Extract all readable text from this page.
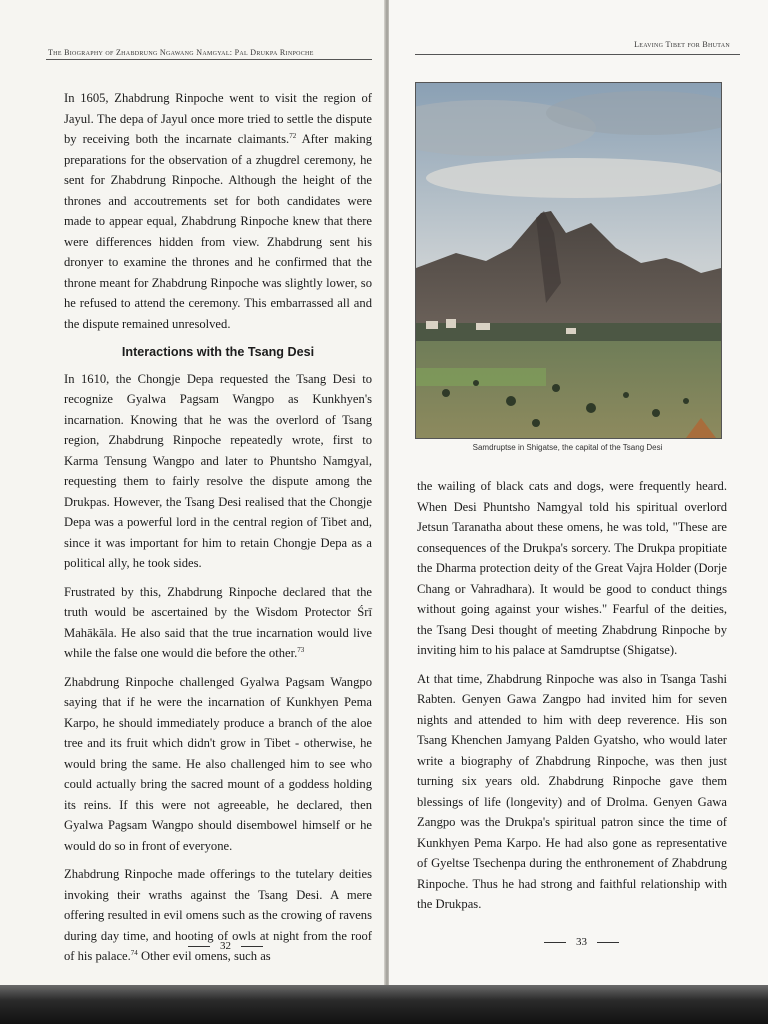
The Biography of Zhabdrung Ngawang Namgyal: Pal Drukpa Rinpoche

In 1605, Zhabdrung Rinpoche went to visit the region of Jayul. The depa of Jayul once more tried to settle the dispute by receiving both the incarnate claimants.$^{72}$ After making preparations for the observation of a zhugdrel ceremony, he sent for Zhabdrung Rinpoche. Although the height of the thrones and accoutrements set for both candidates were made to appear equal, Zhabdrung Rinpoche knew that there were differences hidden from view. Zhabdrung sent his dronyer to examine the thrones and he confirmed that the throne meant for Zhabdrung Rinpoche was slightly lower, so he refused to attend the ceremony. This embarrassed all and the dispute remained unresolved.

Interactions with the Tsang Desi

In 1610, the Chongje Depa requested the Tsang Desi to recognize Gyalwa Pagsam Wangpo as Kunkhyen's incarnation. Knowing that he was the overlord of Tsang region, Zhabdrung Rinpoche repeatedly wrote, first to Karma Tensung Wangpo and later to Phuntsho Namgyal, requesting them to fairly resolve the dispute among the Drukpas. However, the Tsang Desi realised that the Chongje Depa was a powerful lord in the central region of Tibet and, since it was important for him to retain Chongje Depa as a political ally, he took sides.

Frustrated by this, Zhabdrung Rinpoche declared that the truth would be ascertained by the Wisdom Protector Śrī Mahākāla. He also said that the true incarnation would live while the false one would die before the other.$^{73}$

Zhabdrung Rinpoche challenged Gyalwa Pagsam Wangpo saying that if he were the incarnation of Kunkhyen Pema Karpo, he should immediately produce a branch of the aloe tree and its fruit which didn't grow in Tibet - otherwise, he would bring the same. He also challenged him to see who could actually bring the sacred mount of a goddess holding its reins. If this were not agreeable, he declared, then Gyalwa Pagsam Wangpo should disembowel himself or he would do so in front of everyone.

Zhabdrung Rinpoche made offerings to the tutelary deities invoking their wraths against the Tsang Desi. A mere offering resulted in evil omens such as the crowing of ravens during day time, and hooting of owls at night from the roof of his palace.$^{74}$ Other evil omens, such as

32
Leaving Tibet for Bhutan
Samdruptse in Shigatse, the capital of the Tsang Desi

the wailing of black cats and dogs, were frequently heard. When Desi Phuntsho Namgyal told his spiritual overlord Jetsun Taranatha about these omens, he was told, "These are consequences of the Drukpa's sorcery. The Drukpa propitiate the Dharma protection deity of the Great Vajra Holder (Dorje Chang or Vahradhara). It would be good to conduct things without going against your wishes." Fearful of the deities, the Tsang Desi thought of meeting Zhabdrung Rinpoche by inviting him to his palace at Samdruptse (Shigatse).

At that time, Zhabdrung Rinpoche was also in Tsanga Tashi Rabten. Genyen Gawa Zangpo had invited him for seven nights and attended to him with deep reverence. His son Tsang Khenchen Jamyang Palden Gyatsho, who would later write a biography of Zhabdrung Rinpoche, was then just turning six years old. Zhabdrung Rinpoche gave them blessings of life (longevity) and of Drolma. Genyen Gawa Zangpo was the Drukpa's spiritual patron since the time of Kunkhyen Pema Karpo. He had also gone as representative of Gyeltse Tsechenpa during the enthronement of Zhabdrung Rinpoche. Thus he had strong and faithful relationship with the Drukpas.

33
